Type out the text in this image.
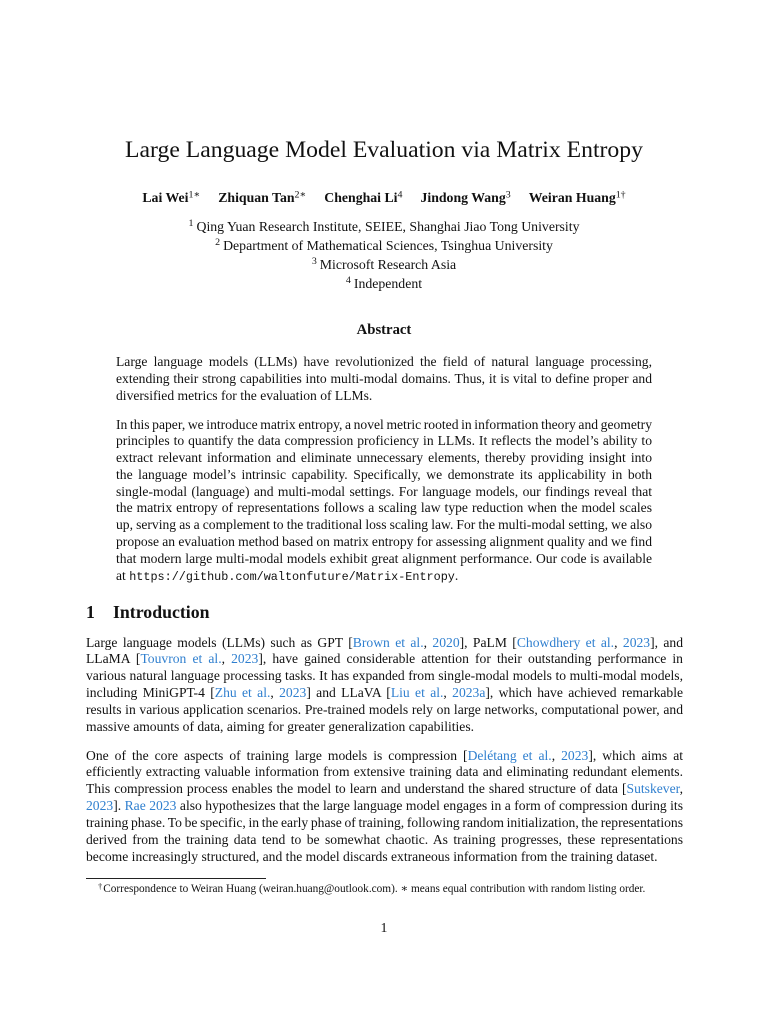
Large Language Model Evaluation via Matrix Entropy
Lai Wei$^{1∗}$ Zhiquan Tan$^{2∗}$ Chenghai Li$^4$ Jindong Wang$^3$ Weiran Huang$^{1\dagger}$
$^1$ Qing Yuan Research Institute, SEIEE, Shanghai Jiao Tong University
$^2$ Department of Mathematical Sciences, Tsinghua University
$^3$ Microsoft Research Asia
$^4$ Independent
Abstract
Large language models (LLMs) have revolutionized the field of natural language processing,
extending their strong capabilities into multi-modal domains. Thus, it is vital to define proper and
diversified metrics for the evaluation of LLMs.
In this paper, we introduce matrix entropy, a novel metric rooted in information theory and geometry
principles to quantify the data compression proficiency in LLMs. It reflects the model’s ability to
extract relevant information and eliminate unnecessary elements, thereby providing insight into
the language model’s intrinsic capability. Specifically, we demonstrate its applicability in both
single-modal (language) and multi-modal settings. For language models, our findings reveal that
the matrix entropy of representations follows a scaling law type reduction when the model scales
up, serving as a complement to the traditional loss scaling law. For the multi-modal setting, we also
propose an evaluation method based on matrix entropy for assessing alignment quality and we find
that modern large multi-modal models exhibit great alignment performance. Our code is available
at https://github.com/waltonfuture/Matrix-Entropy.
1 Introduction
Large language models (LLMs) such as GPT [Brown et al., 2020], PaLM [Chowdhery et al., 2023], and
LLaMA [Touvron et al., 2023], have gained considerable attention for their outstanding performance in
various natural language processing tasks. It has expanded from single-modal models to multi-modal models,
including MiniGPT-4 [Zhu et al., 2023] and LLaVA [Liu et al., 2023a], which have achieved remarkable
results in various application scenarios. Pre-trained models rely on large networks, computational power, and
massive amounts of data, aiming for greater generalization capabilities.
One of the core aspects of training large models is compression [Delétang et al., 2023], which aims at
efficiently extracting valuable information from extensive training data and eliminating redundant elements.
This compression process enables the model to learn and understand the shared structure of data [Sutskever,
2023]. Rae 2023 also hypothesizes that the large language model engages in a form of compression during its
training phase. To be specific, in the early phase of training, following random initialization, the representations
derived from the training data tend to be somewhat chaotic. As training progresses, these representations
become increasingly structured, and the model discards extraneous information from the training dataset.
†Correspondence to Weiran Huang (weiran.huang@outlook.com). ∗ means equal contribution with random listing order.
1
